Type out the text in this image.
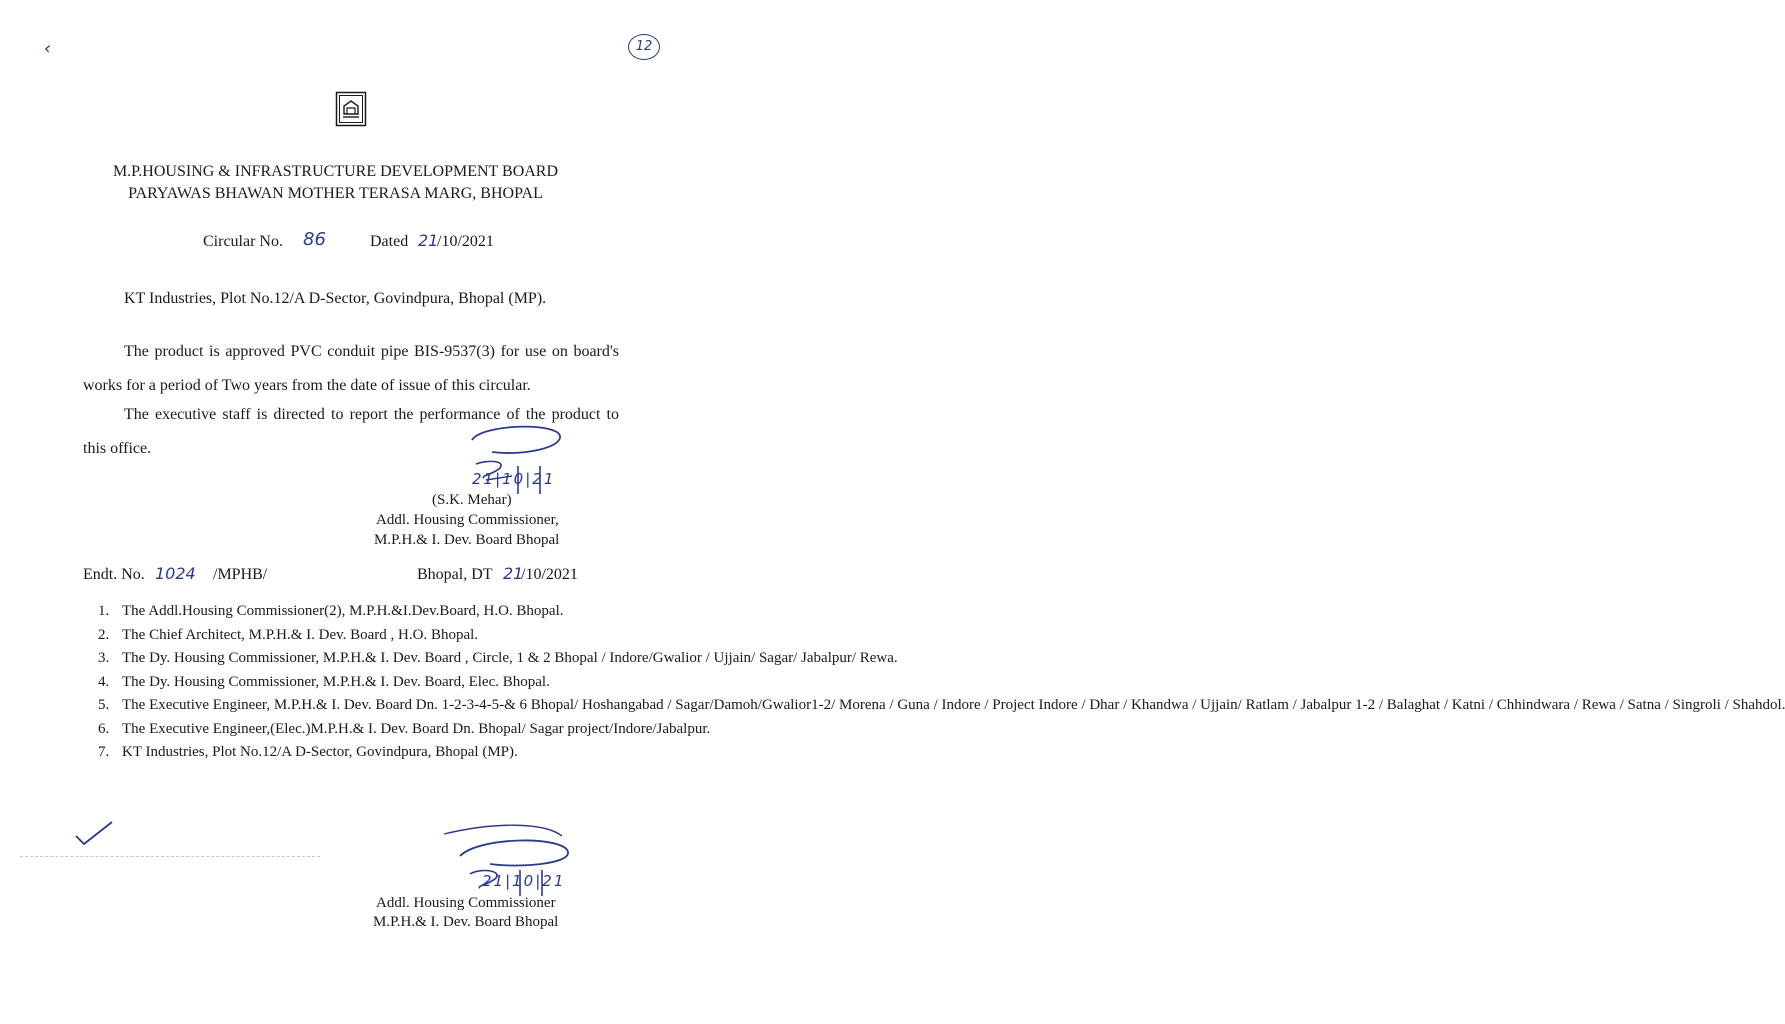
‹	12
M.P.HOUSING & INFRASTRUCTURE DEVELOPMENT BOARD
PARYAWAS BHAWAN MOTHER TERASA MARG, BHOPAL
Circular No. 86	Dated 21
/10/2021
KT Industries, Plot No.12/A D-Sector, Govindpura, Bhopal (MP).
The product is approved PVC conduit pipe BIS-9537(3) for use on board's works for a period of Two years from the date of issue of this circular.
The executive staff is directed to report the performance of the product to this office.
21|10|21
(S.K. Mehar)
Addl. Housing Commissioner,
M.P.H.& I. Dev. Board Bhopal
Endt. No. 1024 /MPHB/	Bhopal, DT 21
/10/2021
1. The Addl.Housing Commissioner(2), M.P.H.&I.Dev.Board, H.O. Bhopal.
2. The Chief Architect, M.P.H.& I. Dev. Board , H.O. Bhopal.
3. The Dy. Housing Commissioner, M.P.H.& I. Dev. Board , Circle, 1 & 2 Bhopal / Indore/Gwalior / Ujjain/ Sagar/ Jabalpur/ Rewa.
4. The Dy. Housing Commissioner, M.P.H.& I. Dev. Board, Elec. Bhopal.
5. The Executive Engineer, M.P.H.& I. Dev. Board Dn. 1-2-3-4-5-& 6 Bhopal/ Hoshangabad / Sagar/Damoh/Gwalior1-2/ Morena / Guna / Indore / Project Indore / Dhar / Khandwa / Ujjain/ Ratlam / Jabalpur 1-2 / Balaghat / Katni / Chhindwara / Rewa / Satna / Singroli / Shahdol.
6. The Executive Engineer,(Elec.)M.P.H.& I. Dev. Board Dn. Bhopal/ Sagar project/Indore/Jabalpur.
7. KT Industries, Plot No.12/A D-Sector, Govindpura, Bhopal (MP).
21|10|21
Addl. Housing Commissioner
M.P.H.& I. Dev. Board Bhopal
